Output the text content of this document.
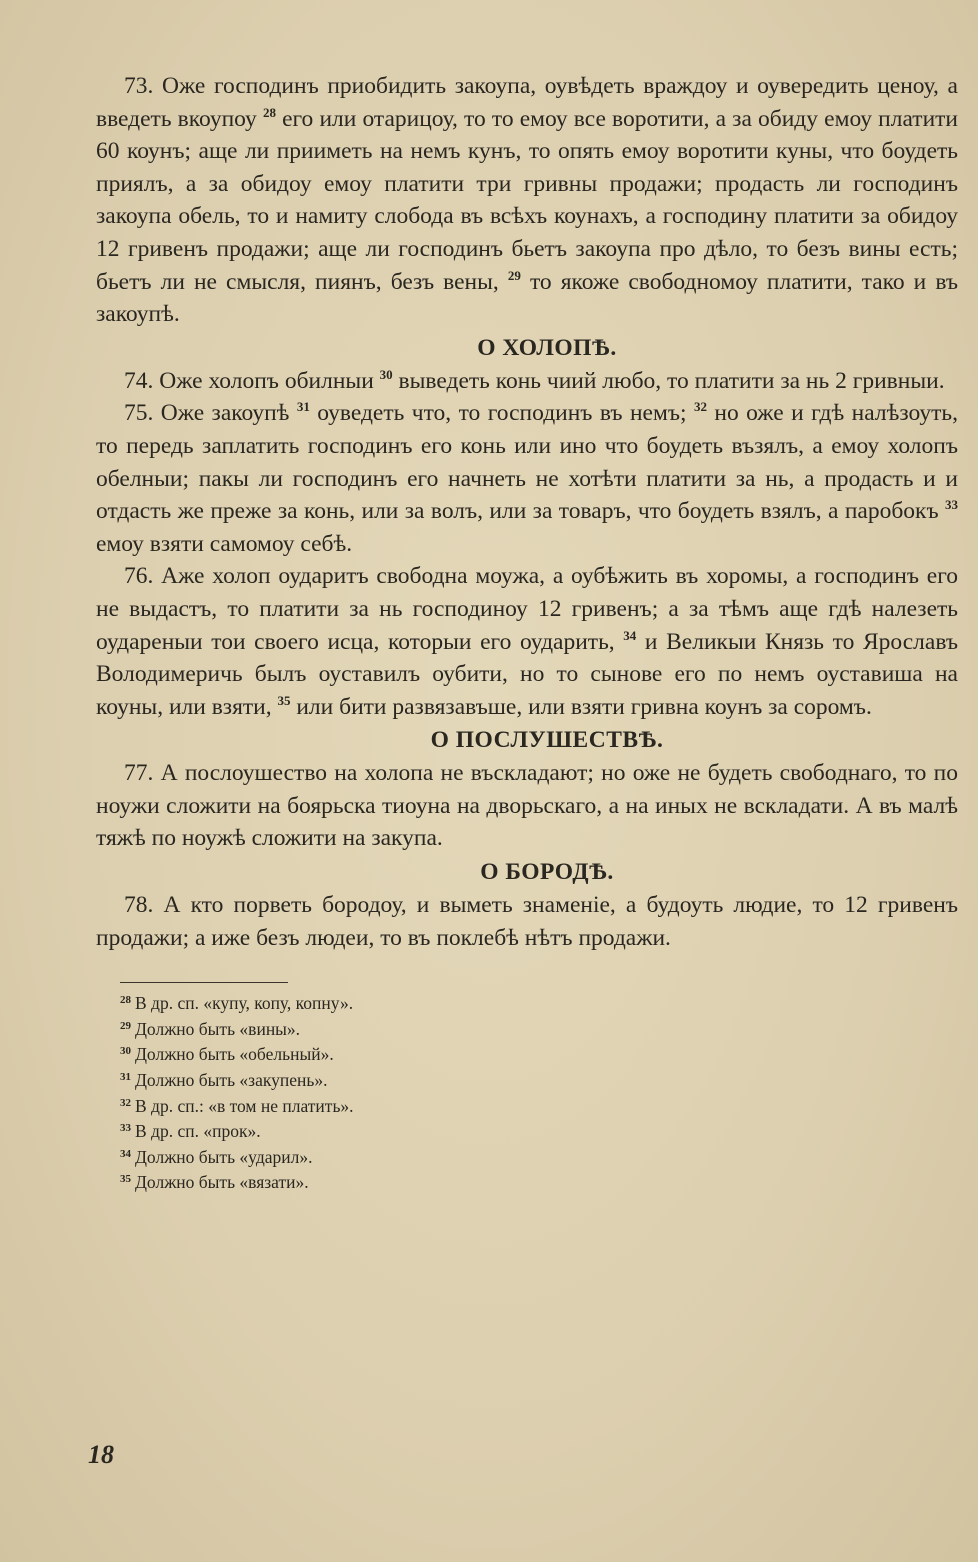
73. Оже господинъ приобидить закоупа, оувѣдеть враждоу и оувередить ценоу, а введеть вкоупоу $^{28}$ его или отарицоу, то то емоу все воротити, а за обиду емоу платити 60 коунъ; аще ли прииметь на немъ кунъ, то опять емоу воротити куны, что боудеть приялъ, а за обидоу емоу платити три гривны продажи; продасть ли господинъ закоупа обель, то и намиту слобода въ всѣхъ коунахъ, а господину платити за обидоу 12 гривенъ продажи; аще ли господинъ бьетъ закоупа про дѣло, то безъ вины есть; бьетъ ли не смысля, пиянъ, безъ вены, $^{29}$ то якоже свободномоу платити, тако и въ закоупѣ.

О ХОЛОПѢ.

74. Оже холопъ обилныи $^{30}$ выведеть конь чиий любо, то платити за нь 2 гривныи.

75. Оже закоупѣ $^{31}$ оуведеть что, то господинъ въ немъ; $^{32}$ но оже и гдѣ налѣзоуть, то передь заплатить господинъ его конь или ино что боудеть възялъ, а емоу холопъ обелныи; пакы ли господинъ его начнеть не хотѣти платити за нь, а продасть и и отдасть же преже за конь, или за волъ, или за товаръ, что боудеть взялъ, а паробокъ $^{33}$ емоу взяти самомоу себѣ.

76. Аже холоп оударитъ свободна моужа, а оубѣжить въ хоромы, а господинъ его не выдастъ, то платити за нь господиноу 12 гривенъ; а за тѣмъ аще гдѣ налезеть оудареныи тои своего исца, которыи его оударить, $^{34}$ и Великыи Князь то Ярославъ Володимеричь былъ оуставилъ оубити, но то сынове его по немъ оуставиша на коуны, или взяти, $^{35}$ или бити развязавъше, или взяти гривна коунъ за соромъ.

О ПОСЛУШЕСТВѢ.

77. А послоушество на холопа не въскладают; но оже не будеть свободнаго, то по ноужи сложити на боярьска тиоуна на дворьскаго, а на иных не всклaдати. А въ малѣ тяжѣ по ноужѣ сложити на закупа.

О БОРОДѢ.

78. А кто порветь бородоу, и выметь знаменіе, а будоуть людие, то 12 гривенъ продажи; а иже безъ людеи, то въ поклебѣ нѣтъ продажи.

$^{28}$ В др. сп. «купу, копу, копну».

$^{29}$ Должно быть «вины».

$^{30}$ Должно быть «обельный».

$^{31}$ Должно быть «закупень».

$^{32}$ В др. сп.: «в том не платить».

$^{33}$ В др. сп. «прок».

$^{34}$ Должно быть «ударил».

$^{35}$ Должно быть «вязати».

18
